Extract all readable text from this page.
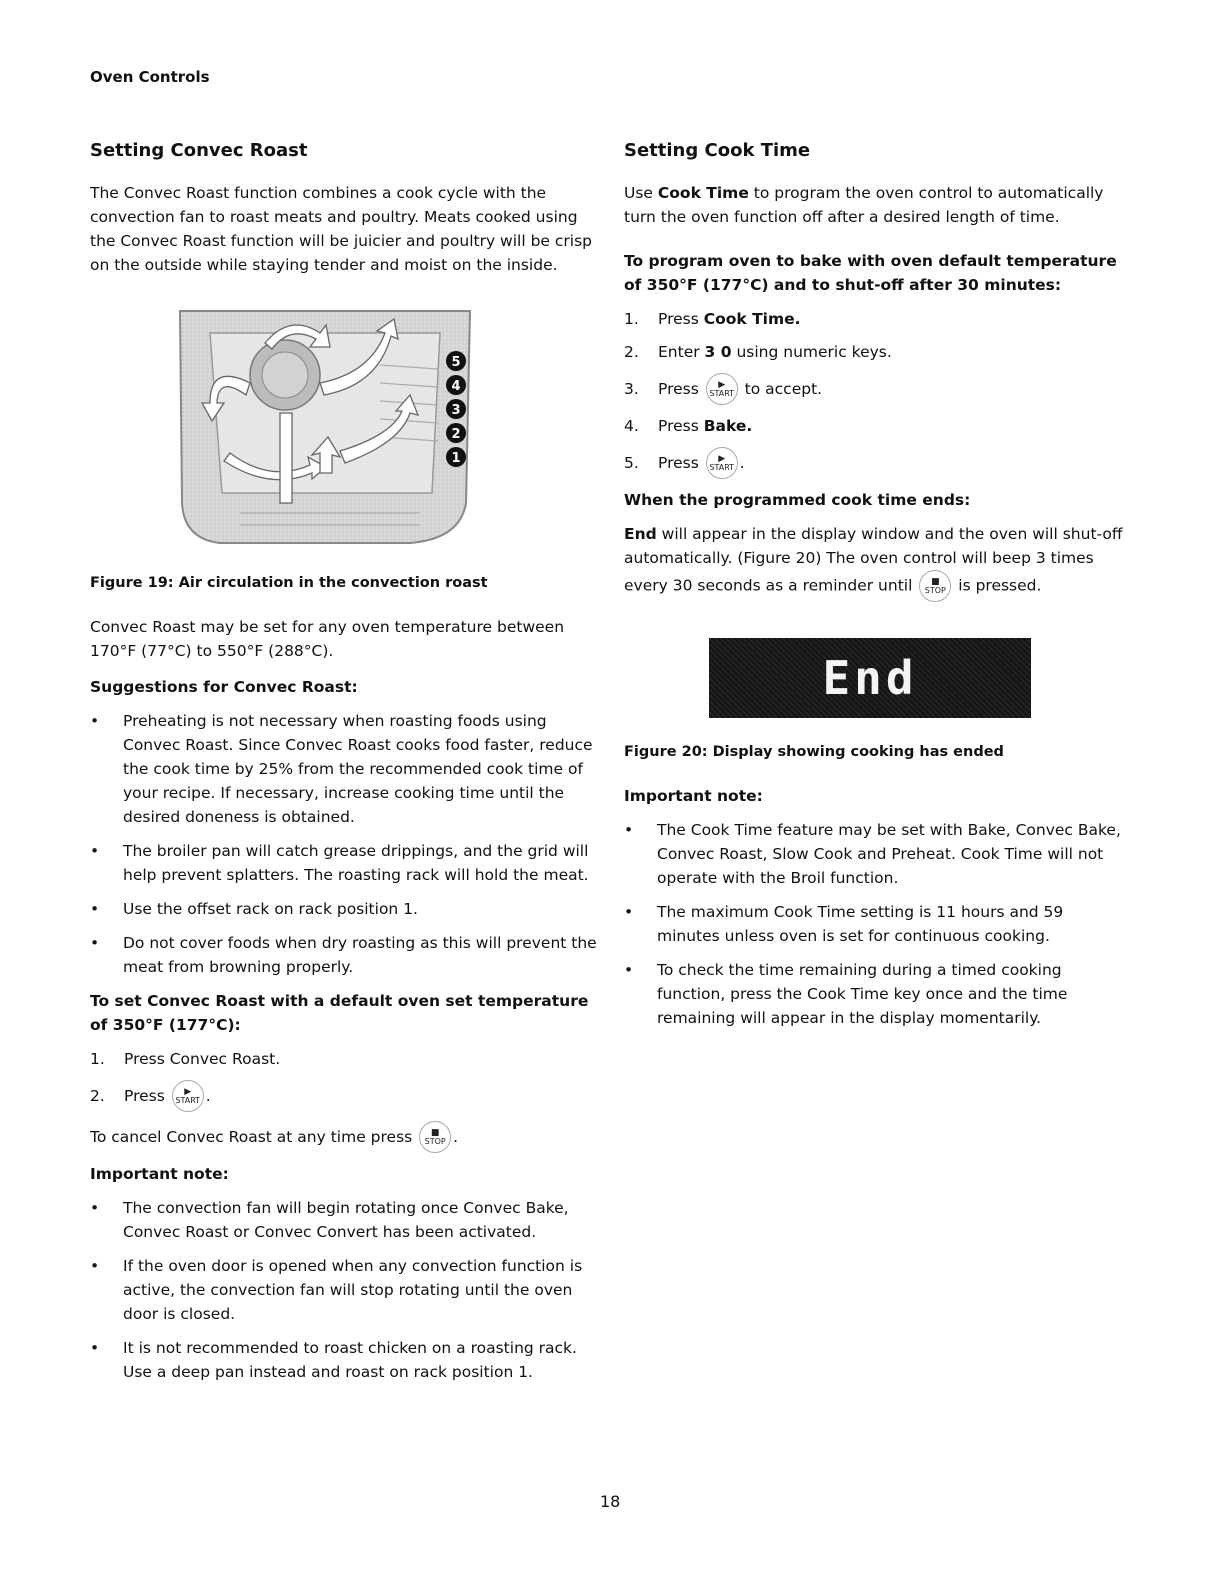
Oven Controls
Setting Convec Roast

The Convec Roast function combines a cook cycle with the convection fan to roast meats and poultry. Meats cooked using the Convec Roast function will be juicier and poultry will be crisp on the outside while staying tender and moist on the inside.

5
4
3
2
1

Figure 19: Air circulation in the convection roast

Convec Roast may be set for any oven temperature between 170°F (77°C) to 550°F (288°C).

Suggestions for Convec Roast:

• Preheating is not necessary when roasting foods using Convec Roast. Since Convec Roast cooks food faster, reduce the cook time by 25% from the recommended cook time of your recipe. If necessary, increase cooking time until the desired doneness is obtained.
• The broiler pan will catch grease drippings, and the grid will help prevent splatters. The roasting rack will hold the meat.
• Use the offset rack on rack position 1.
• Do not cover foods when dry roasting as this will prevent the meat from browning properly.

To set Convec Roast with a default oven set temperature of 350°F (177°C):

1.	Press Convec Roast.
2.	Press
▶
START .
To cancel Convec Roast at any time press
■
STOP .

Important note:

• The convection fan will begin rotating once Convec Bake, Convec Roast or Convec Convert has been activated.
• If the oven door is opened when any convection function is active, the convection fan will stop rotating until the oven door is closed.
• It is not recommended to roast chicken on a roasting rack. Use a deep pan instead and roast on rack position 1.
Setting Cook Time

Use Cook Time to program the oven control to automatically turn the oven function off after a desired length of time.

To program oven to bake with oven default temperature of 350°F (177°C) and to shut-off after 30 minutes:

1.	Press
Cook Time.
2.	Enter
3 0
using numeric keys.
3.	Press
▶
START
to accept.
4.	Press
Bake.
5.	Press
▶
START .

When the programmed cook time ends:

End will appear in the display window and the oven will shut-off automatically. (Figure 20) The oven control will beep 3 times every 30 seconds as a reminder until ■
STOP is pressed.

End

Figure 20: Display showing cooking has ended

Important note:

• The Cook Time feature may be set with Bake, Convec Bake, Convec Roast, Slow Cook and Preheat. Cook Time will not operate with the Broil function.
• The maximum Cook Time setting is 11 hours and 59 minutes unless oven is set for continuous cooking.
• To check the time remaining during a timed cooking function, press the Cook Time key once and the time remaining will appear in the display momentarily.
18
